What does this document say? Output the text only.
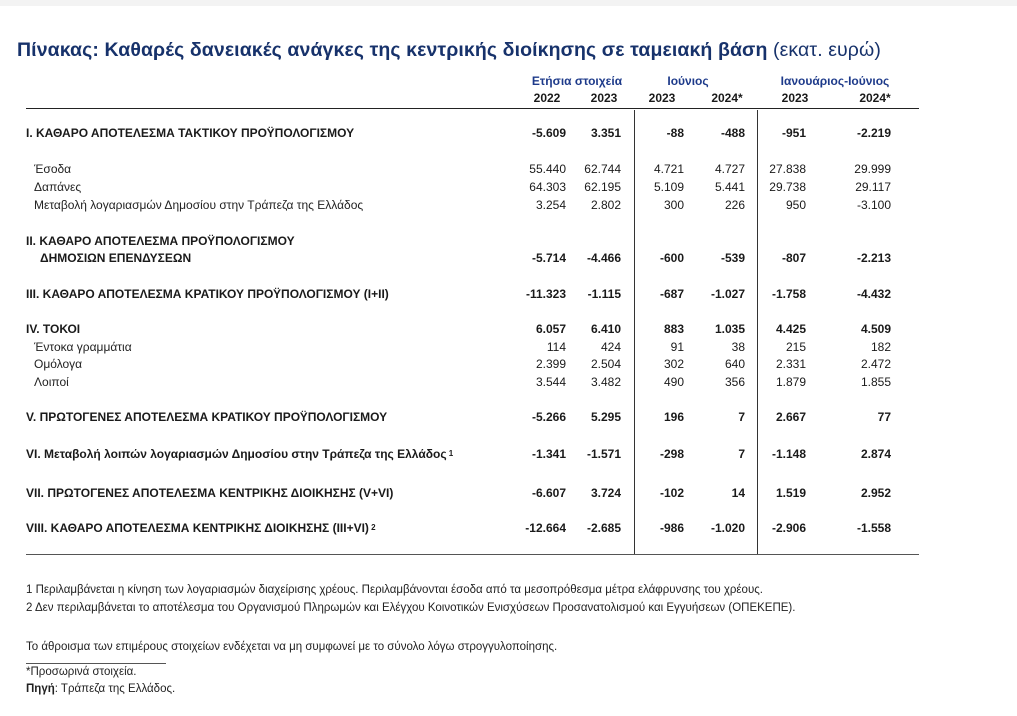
Πίνακας: Καθαρές δανειακές ανάγκες της κεντρικής διοίκησης σε ταμειακή βάση (εκατ. ευρώ)
Ετήσια στοιχεία	Ιούνιος	Ιανουάριος-Ιούνιος
2022	2023	2023	2024*	2023	2024*
I. ΚΑΘΑΡΟ ΑΠΟΤΕΛΕΣΜΑ ΤΑΚΤΙΚΟΥ ΠΡΟΫΠΟΛΟΓΙΣΜΟΥ	-5.609	3.351	-88	-488	-951	-2.219
Έσοδα	55.440	62.744	4.721	4.727	27.838	29.999
Δαπάνες	64.303	62.195	5.109	5.441	29.738	29.117
Μεταβολή λογαριασμών Δημοσίου στην Τράπεζα της Ελλάδος	3.254	2.802	300	226	950	-3.100
II. ΚΑΘΑΡΟ ΑΠΟΤΕΛΕΣΜΑ ΠΡΟΫΠΟΛΟΓΙΣΜΟΥ
ΔΗΜΟΣΙΩΝ ΕΠΕΝΔΥΣΕΩΝ	-5.714	-4.466	-600	-539	-807	-2.213
III. ΚΑΘΑΡΟ ΑΠΟΤΕΛΕΣΜΑ ΚΡΑΤΙΚΟΥ ΠΡΟΫΠΟΛΟΓΙΣΜΟΥ (I+II)	-11.323	-1.115	-687	-1.027	-1.758	-4.432
IV. ΤΟΚΟΙ	6.057	6.410	883	1.035	4.425	4.509
Έντοκα γραμμάτια	114	424	91	38	215	182
Ομόλογα	2.399	2.504	302	640	2.331	2.472
Λοιποί	3.544	3.482	490	356	1.879	1.855
V. ΠΡΩΤΟΓΕΝΕΣ ΑΠΟΤΕΛΕΣΜΑ ΚΡΑΤΙΚΟΥ ΠΡΟΫΠΟΛΟΓΙΣΜΟΥ	-5.266	5.295	196	7	2.667	77
VI. Μεταβολή λοιπών λογαριασμών Δημοσίου στην Τράπεζα της Ελλάδος $^1$	-1.341	-1.571	-298	7	-1.148	2.874
VII. ΠΡΩΤΟΓΕΝΕΣ ΑΠΟΤΕΛΕΣΜΑ ΚΕΝΤΡΙΚΗΣ ΔΙΟΙΚΗΣΗΣ (V+VI)	-6.607	3.724	-102	14	1.519	2.952
VIII. ΚΑΘΑΡΟ ΑΠΟΤΕΛΕΣΜΑ ΚΕΝΤΡΙΚΗΣ ΔΙΟΙΚΗΣΗΣ (III+VI) $^2$	-12.664	-2.685	-986	-1.020	-2.906	-1.558
1 Περιλαμβάνεται η κίνηση των λογαριασμών διαχείρισης χρέους. Περιλαμβάνονται έσοδα από τα μεσοπρόθεσμα μέτρα ελάφρυνσης του χρέους.
2 Δεν περιλαμβάνεται το αποτέλεσμα του Οργανισμού Πληρωμών και Ελέγχου Κοινοτικών Ενισχύσεων Προσανατολισμού και Εγγυήσεων (ΟΠΕΚΕΠΕ).
Το άθροισμα των επιμέρους στοιχείων ενδέχεται να μη συμφωνεί με το σύνολο λόγω στρογγυλοποίησης.
*Προσωρινά στοιχεία.
Πηγή: Τράπεζα της Ελλάδος.
